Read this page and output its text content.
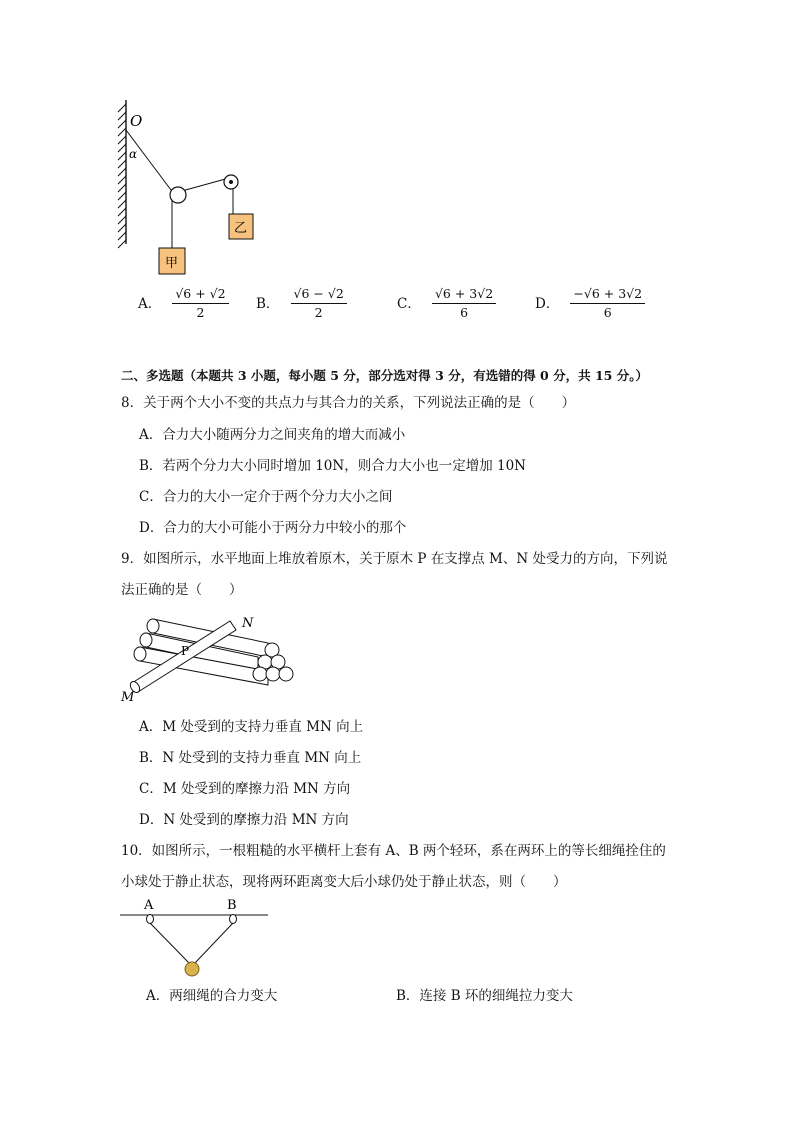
O
α
甲
乙
A． $\frac{√6 + √2}{2}$ B． $\frac{√6 - √2}{2}$	C． $\frac{√6 + 3√2}{6}$	D． $\frac{-√6 + 3√2}{6}$
二、多选题（本题共 3 小题，每小题 5 分，部分选对得 3 分，有选错的得 0 分，共 15 分。）
8．关于两个大小不变的共点力与其合力的关系，下列说法正确的是（　　）
A．合力大小随两分力之间夹角的增大而减小
B．若两个分力大小同时增加 10N，则合力大小也一定增加 10N
C．合力的大小一定介于两个分力大小之间
D．合力的大小可能小于两分力中较小的那个
9．如图所示，水平地面上堆放着原木，关于原木 P 在支撑点 M、N 处受力的方向，下列说
法正确的是（　　）
N
P
M
A．M 处受到的支持力垂直 MN 向上
B．N 处受到的支持力垂直 MN 向上
C．M 处受到的摩擦力沿 MN 方向
D．N 处受到的摩擦力沿 MN 方向
10．如图所示，一根粗糙的水平横杆上套有 A、B 两个轻环，系在两环上的等长细绳拴住的
小球处于静止状态，现将两环距离变大后小球仍处于静止状态，则（　　）
A	B
A．两细绳的合力变大	B．连接 B 环的细绳拉力变大
